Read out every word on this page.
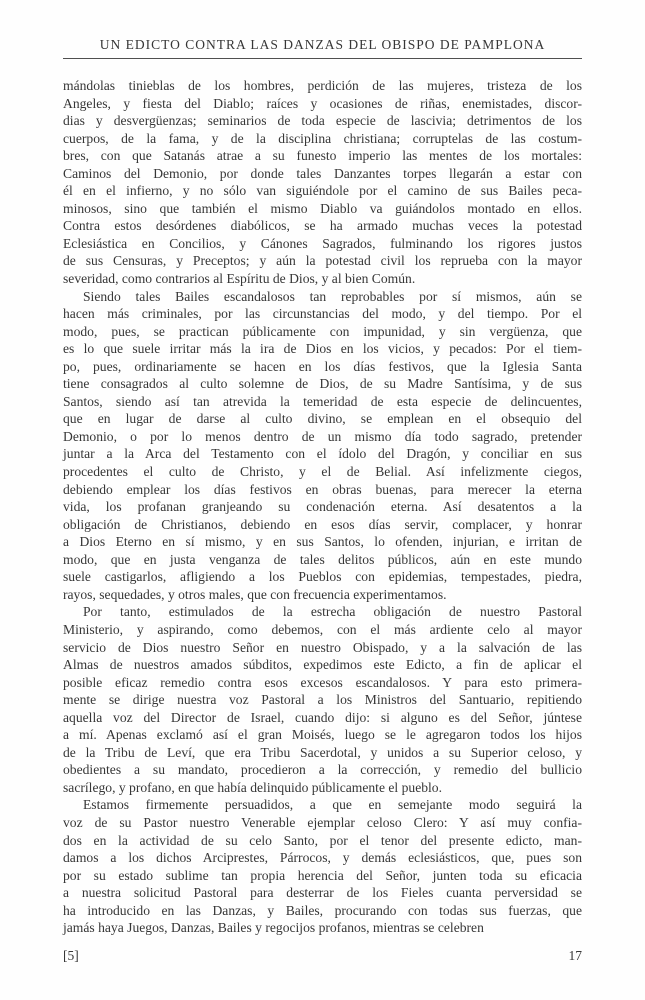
UN EDICTO CONTRA LAS DANZAS DEL OBISPO DE PAMPLONA
mándolas tinieblas de los hombres, perdición de las mujeres, tristeza de los
Angeles, y fiesta del Diablo; raíces y ocasiones de riñas, enemistades, discor-
dias y desvergüenzas; seminarios de toda especie de lascivia; detrimentos de los
cuerpos, de la fama, y de la disciplina christiana; corruptelas de las costum-
bres, con que Satanás atrae a su funesto imperio las mentes de los mortales:
Caminos del Demonio, por donde tales Danzantes torpes llegarán a estar con
él en el infierno, y no sólo van siguiéndole por el camino de sus Bailes peca-
minosos, sino que también el mismo Diablo va guiándolos montado en ellos.
Contra estos desórdenes diabólicos, se ha armado muchas veces la potestad
Eclesiástica en Concilios, y Cánones Sagrados, fulminando los rigores justos
de sus Censuras, y Preceptos; y aún la potestad civil los reprueba con la mayor
severidad, como contrarios al Espíritu de Dios, y al bien Común.
Siendo tales Bailes escandalosos tan reprobables por sí mismos, aún se
hacen más criminales, por las circunstancias del modo, y del tiempo. Por el
modo, pues, se practican públicamente con impunidad, y sin vergüenza, que
es lo que suele irritar más la ira de Dios en los vicios, y pecados: Por el tiem-
po, pues, ordinariamente se hacen en los días festivos, que la Iglesia Santa
tiene consagrados al culto solemne de Dios, de su Madre Santísima, y de sus
Santos, siendo así tan atrevida la temeridad de esta especie de delincuentes,
que en lugar de darse al culto divino, se emplean en el obsequio del
Demonio, o por lo menos dentro de un mismo día todo sagrado, pretender
juntar a la Arca del Testamento con el ídolo del Dragón, y conciliar en sus
procedentes el culto de Christo, y el de Belial. Así infelizmente ciegos,
debiendo emplear los días festivos en obras buenas, para merecer la eterna
vida, los profanan granjeando su condenación eterna. Así desatentos a la
obligación de Christianos, debiendo en esos días servir, complacer, y honrar
a Dios Eterno en sí mismo, y en sus Santos, lo ofenden, injurian, e irritan de
modo, que en justa venganza de tales delitos públicos, aún en este mundo
suele castigarlos, afligiendo a los Pueblos con epidemias, tempestades, piedra,
rayos, sequedades, y otros males, que con frecuencia experimentamos.
Por tanto, estimulados de la estrecha obligación de nuestro Pastoral
Ministerio, y aspirando, como debemos, con el más ardiente celo al mayor
servicio de Dios nuestro Señor en nuestro Obispado, y a la salvación de las
Almas de nuestros amados súbditos, expedimos este Edicto, a fin de aplicar el
posible eficaz remedio contra esos excesos escandalosos. Y para esto primera-
mente se dirige nuestra voz Pastoral a los Ministros del Santuario, repitiendo
aquella voz del Director de Israel, cuando dijo: si alguno es del Señor, júntese
a mí. Apenas exclamó así el gran Moisés, luego se le agregaron todos los hijos
de la Tribu de Leví, que era Tribu Sacerdotal, y unidos a su Superior celoso, y
obedientes a su mandato, procedieron a la corrección, y remedio del bullicio
sacrílego, y profano, en que había delinquido públicamente el pueblo.
Estamos firmemente persuadidos, a que en semejante modo seguirá la
voz de su Pastor nuestro Venerable ejemplar celoso Clero: Y así muy confia-
dos en la actividad de su celo Santo, por el tenor del presente edicto, man-
damos a los dichos Arciprestes, Párrocos, y demás eclesiásticos, que, pues son
por su estado sublime tan propia herencia del Señor, junten toda su eficacia
a nuestra solicitud Pastoral para desterrar de los Fieles cuanta perversidad se
ha introducido en las Danzas, y Bailes, procurando con todas sus fuerzas, que
jamás haya Juegos, Danzas, Bailes y regocijos profanos, mientras se celebren
[5]	17
